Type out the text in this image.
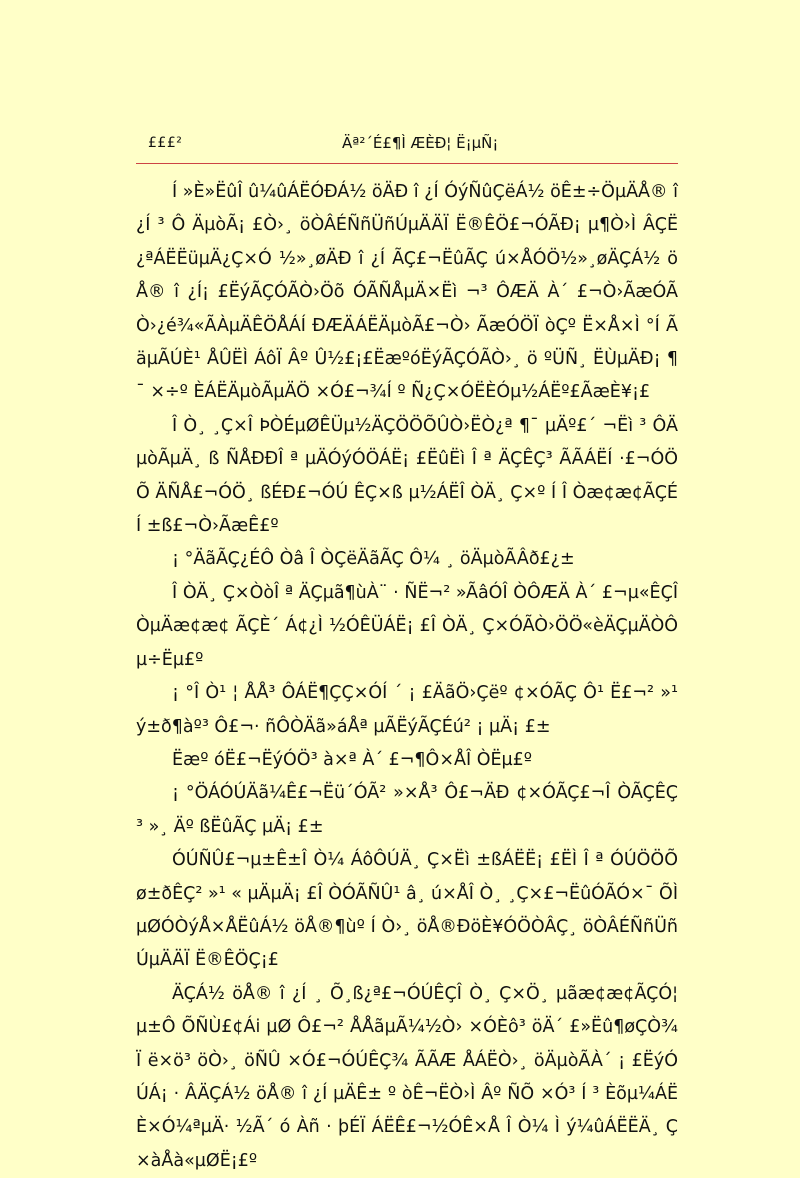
£££²	Äª²´É£¶Ì ÆÈÐ¦ Ë¡µÑ¡

Í »È»ËûÎ û¼ûÁËÓÐÁ½ öÄÐ î ¿Í ÓýÑûÇëÁ½ öÊ±÷ÖµÄÅ® î ¿Í ³ Ô ÄµòÃ¡ £Ò›¸ öÒÂÉÑñÜñÚµÄÄÏ Ë®ÊÖ£¬ÓÃÐ¡ µ¶Ò›Ì ÂÇË¿ªÁËËüµÄ¿Ç×Ó ½»¸øÄÐ î ¿Í ÃÇ£¬ËûÃÇ ú×ÅÓÖ½»¸øÄÇÁ½ öÅ® î ¿Í¡ £ËýÃÇÓÃÒ›Öõ ÓÃÑÅµÄ×Ëì ¬³ ÔÆÄ À´ £¬Ò›ÃæÓÃÒ›¿é¾«ÃÀµÄÊÖÅÁÍ ÐÆÄÁËÄµòÃ£¬Ò› ÃæÓÖÏ òÇº Ë×Å×Ì °Í ÃäµÃÚÈ¹ ÅÛËÌ ÁôÏ Âº Û½£¡£ËæºóËýÃÇÓÃÒ›¸ ö ºÜÑ¸ ËÙµÄÐ¡ ¶¯ ×÷º ÈÁËÄµòÃµÄÖ ×Ó£¬¾Í º Ñ¿Ç×ÓËÈÓµ½ÁËº£ÃæÈ¥¡£

Î Ò¸ ¸Ç×Î ÞÒÉµØÊÜµ½ÄÇÖÖÕÛÒ›ËÒ¿ª ¶¯ µÄº£´ ¬Ëì ³ ÔÄµòÃµÄ¸ ß ÑÅÐÐÎ ª µÄÓýÓÖÁË¡ £ËûËì Î ª ÄÇÊÇ³ ÃÃÁËÍ ·£¬ÓÖÕ ÄÑÅ£¬ÓÖ¸ ßÉÐ£¬ÓÚ ÊÇ×ß µ½ÁËÎ ÒÄ¸ Ç×º Í Î Òæ¢æ¢ÃÇÉÍ ±ß£¬Ò›ÃæÊ£º

¡ °ÄãÃÇ¿ÉÔ Òâ Î ÒÇëÄãÃÇ Ô¼ ¸ öÄµòÃÂð£¿±

Î ÒÄ¸ Ç×ÒòÎ ª ÄÇµã¶ùÀ¨ · ÑË¬² »ÃâÓÎ ÒÔÆÄ À´ £¬µ«ÊÇÎ ÒµÄæ¢æ¢ ÃÇÈ´ Á¢¿Ì ½ÓÊÜÁË¡ £Î ÒÄ¸ Ç×ÓÃÒ›ÖÖ«èÄÇµÄÒÔµ÷Ëµ£º

¡ °Î Ò¹ ¦ ÅÅ³ ÔÁË¶ÇÇ×ÓÍ ´ ¡ £ÄãÖ›Çëº ¢×ÓÃÇ Ô¹ Ë£¬² »¹ ý±ð¶àº³ Ô£¬· ñÔÒÄã»áÅª µÃËýÃÇÉú² ¡ µÄ¡ £±

Ëæº óË£¬ËýÓÖ³ à×ª À´ £¬¶Ô×ÅÎ ÒËµ£º

¡ °ÖÁÓÚÄã¼Ê£¬Ëü´ÓÃ² »×Å³ Ô£¬ÄÐ ¢×ÓÃÇ£¬Î ÒÃÇÊÇ³ »¸ Äº ßËûÃÇ µÄ¡ £±

ÓÚÑÛ£¬µ±Ê±Î Ò¼ ÁôÔÚÄ¸ Ç×Ëì ±ßÁËË¡ £ËÌ Î ª ÓÚÖÖÕø±ðÊÇ² »¹ « µÄµÄ¡ £Î ÒÓÃÑÛ¹ â¸ ú×ÅÎ Ò¸ ¸Ç×£¬ËûÓÃÓ×¯ ÕÌ µØÓÒýÅ×ÅËûÁ½ öÅ®¶ùº Í Ò›¸ öÅ®ÐöÈ¥ÓÖÒÂÇ¸ öÒÂÉÑñÜñÚµÄÄÏ Ë®ÊÖÇ¡£

ÄÇÁ½ öÅ® î ¿Í ¸ Õ¸ß¿ª£¬ÓÚÊÇÎ Ò¸ Ç×Ö¸ µãæ¢æ¢ÃÇÓ¦ µ±Ô ÕÑÙ£¢Ái µØ Ô£¬² ÅÅãµÃ¼½Ò› ×ÓÈô³ öÄ´ £»Ëû¶øÇÒ¾ Ï ë×ö³ öÒ›¸ öÑÛ ×Ó£¬ÓÚÊÇ¾ ÃÃÆ ÅÁËÒ›¸ öÄµòÃÀ´ ¡ £ËýÓÚÁ¡ · ÂÄÇÁ½ öÅ® î ¿Í µÄÊ± º òÊ¬ËÒ›Ì Âº ÑÕ ×Ó³ Í ³ Èõµ¼ÁËÈ×Ó¼ªµÄ· ½Ã´ ó Àñ · þÉÏ ÁËÊ£¬½ÓÊ×Å Î Ò¼ Ì ý¼ûÁËËÄ¸ Ç×àÅà«µØË¡£º
